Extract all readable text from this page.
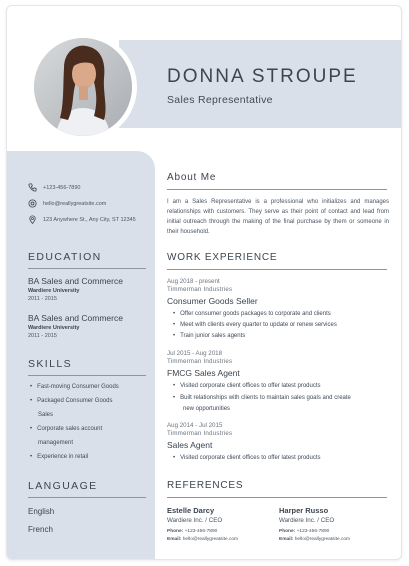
DONNA STROUPE
Sales Representative
+123-456-7890
hello@reallygreatsite.com
123 Anywhere St., Any City, ST 12345
EDUCATION
BA Sales and Commerce
Wardiere University
2011 - 2015
BA Sales and Commerce
Wardiere University
2011 - 2015
SKILLS
• Fast-moving Consumer Goods
• Packaged Consumer Goods
Sales
• Corporate sales account
management
• Experience in retail
LANGUAGE
English
French
About Me
I am a Sales Representative is a professional who initializes and manages relationships with customers. They serve as their point of contact and lead from initial outreach through the making of the final purchase by them or someone in their household.
WORK EXPERIENCE
Aug 2018 - present
Timmerman Industries
Consumer Goods Seller
• Offer consumer goods packages to corporate and clients
• Meet with clients every quarter to update or renew services
• Train junior sales agents
Jul 2015 - Aug 2018
Timmerman Industries
FMCG Sales Agent
• Visited corporate client offices to offer latest products
• Built relationships with clients to maintain sales goals and create
new opportunities
Aug 2014 - Jul 2015
Timmerman Industries
Sales Agent
• Visited corporate client offices to offer latest products
REFERENCES
Estelle Darcy
Wardiere Inc. / CEO
Phone: +123-456-7890
Email: hello@reallygreatsite.com
Harper Russo
Wardiere Inc. / CEO
Phone: +123-456-7890
Email: hello@reallygreatsite.com
